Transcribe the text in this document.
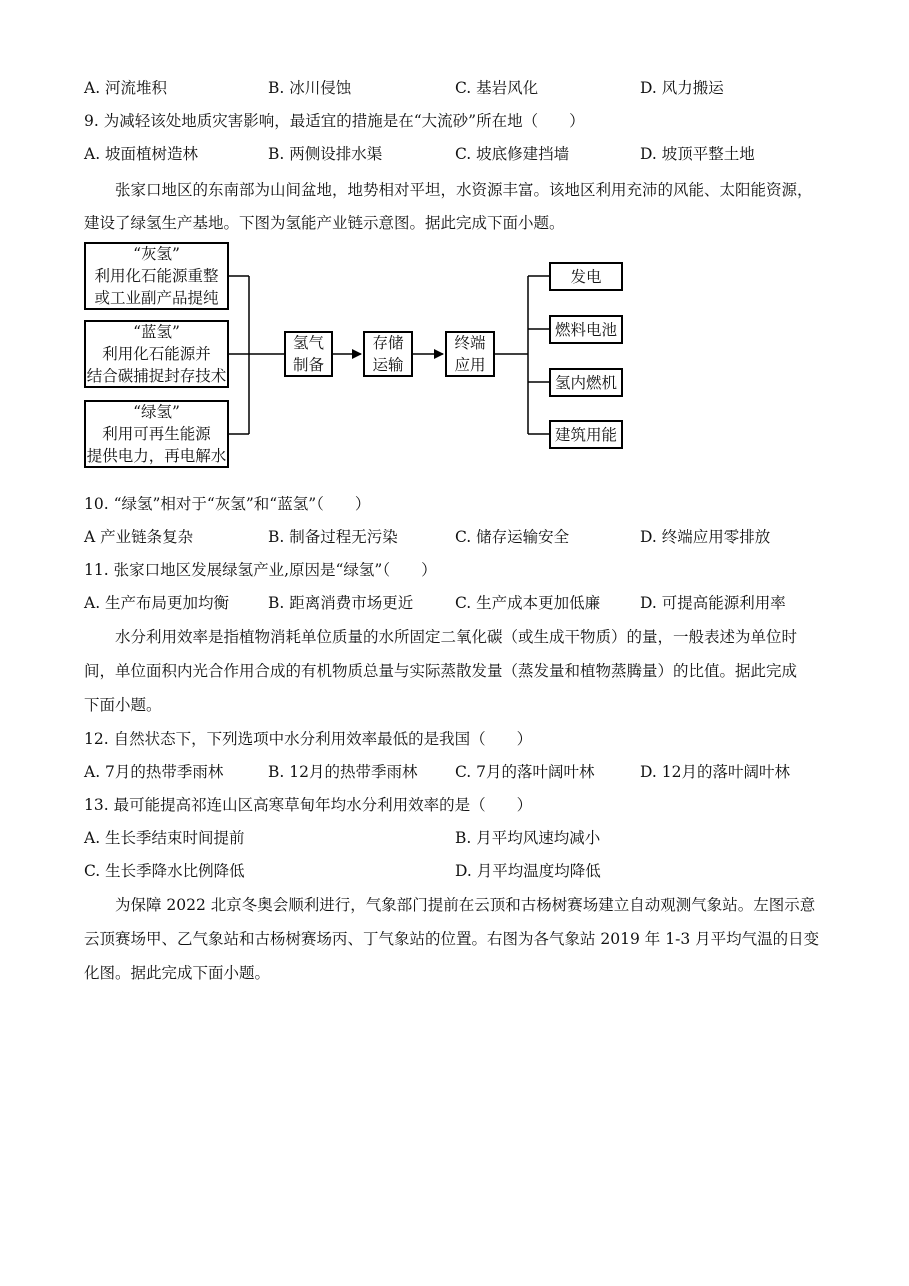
A. 河流堆积	B. 冰川侵蚀	C. 基岩风化	D. 风力搬运
9. 为减轻该处地质灾害影响，最适宜的措施是在“大流砂”所在地（　　）
A. 坡面植树造林	B. 两侧设排水渠	C. 坡底修建挡墙	D. 坡顶平整土地
张家口地区的东南部为山间盆地，地势相对平坦，水资源丰富。该地区利用充沛的风能、太阳能资源，
建设了绿氢生产基地。下图为氢能产业链示意图。据此完成下面小题。
“灰氢”
利用化石能源重整
或工业副产品提纯
“蓝氢”
利用化石能源并
结合碳捕捉封存技术
“绿氢”
利用可再生能源
提供电力，再电解水
氢气
制备
存储
运输
终端
应用
发电
燃料电池
氢内燃机
建筑用能
10. “绿氢”相对于“灰氢”和“蓝氢”（　　）
A 产业链条复杂	B. 制备过程无污染	C. 储存运输安全	D. 终端应用零排放
11. 张家口地区发展绿氢产业,原因是“绿氢”（　　）
A. 生产布局更加均衡	B. 距离消费市场更近	C. 生产成本更加低廉	D. 可提高能源利用率
水分利用效率是指植物消耗单位质量的水所固定二氧化碳（或生成干物质）的量，一般表述为单位时
间，单位面积内光合作用合成的有机物质总量与实际蒸散发量（蒸发量和植物蒸腾量）的比值。据此完成
下面小题。
12. 自然状态下，下列选项中水分利用效率最低的是我国（　　）
A. 7月的热带季雨林	B. 12月的热带季雨林 C. 7月的落叶阔叶林	D. 12月的落叶阔叶林
13. 最可能提高祁连山区高寒草甸年均水分利用效率的是（　　）
A. 生长季结束时间提前	B. 月平均风速均减小
C. 生长季降水比例降低	D. 月平均温度均降低
为保障 2022 北京冬奥会顺利进行，气象部门提前在云顶和古杨树赛场建立自动观测气象站。左图示意
云顶赛场甲、乙气象站和古杨树赛场丙、丁气象站的位置。右图为各气象站 2019 年 1-3 月平均气温的日变
化图。据此完成下面小题。
